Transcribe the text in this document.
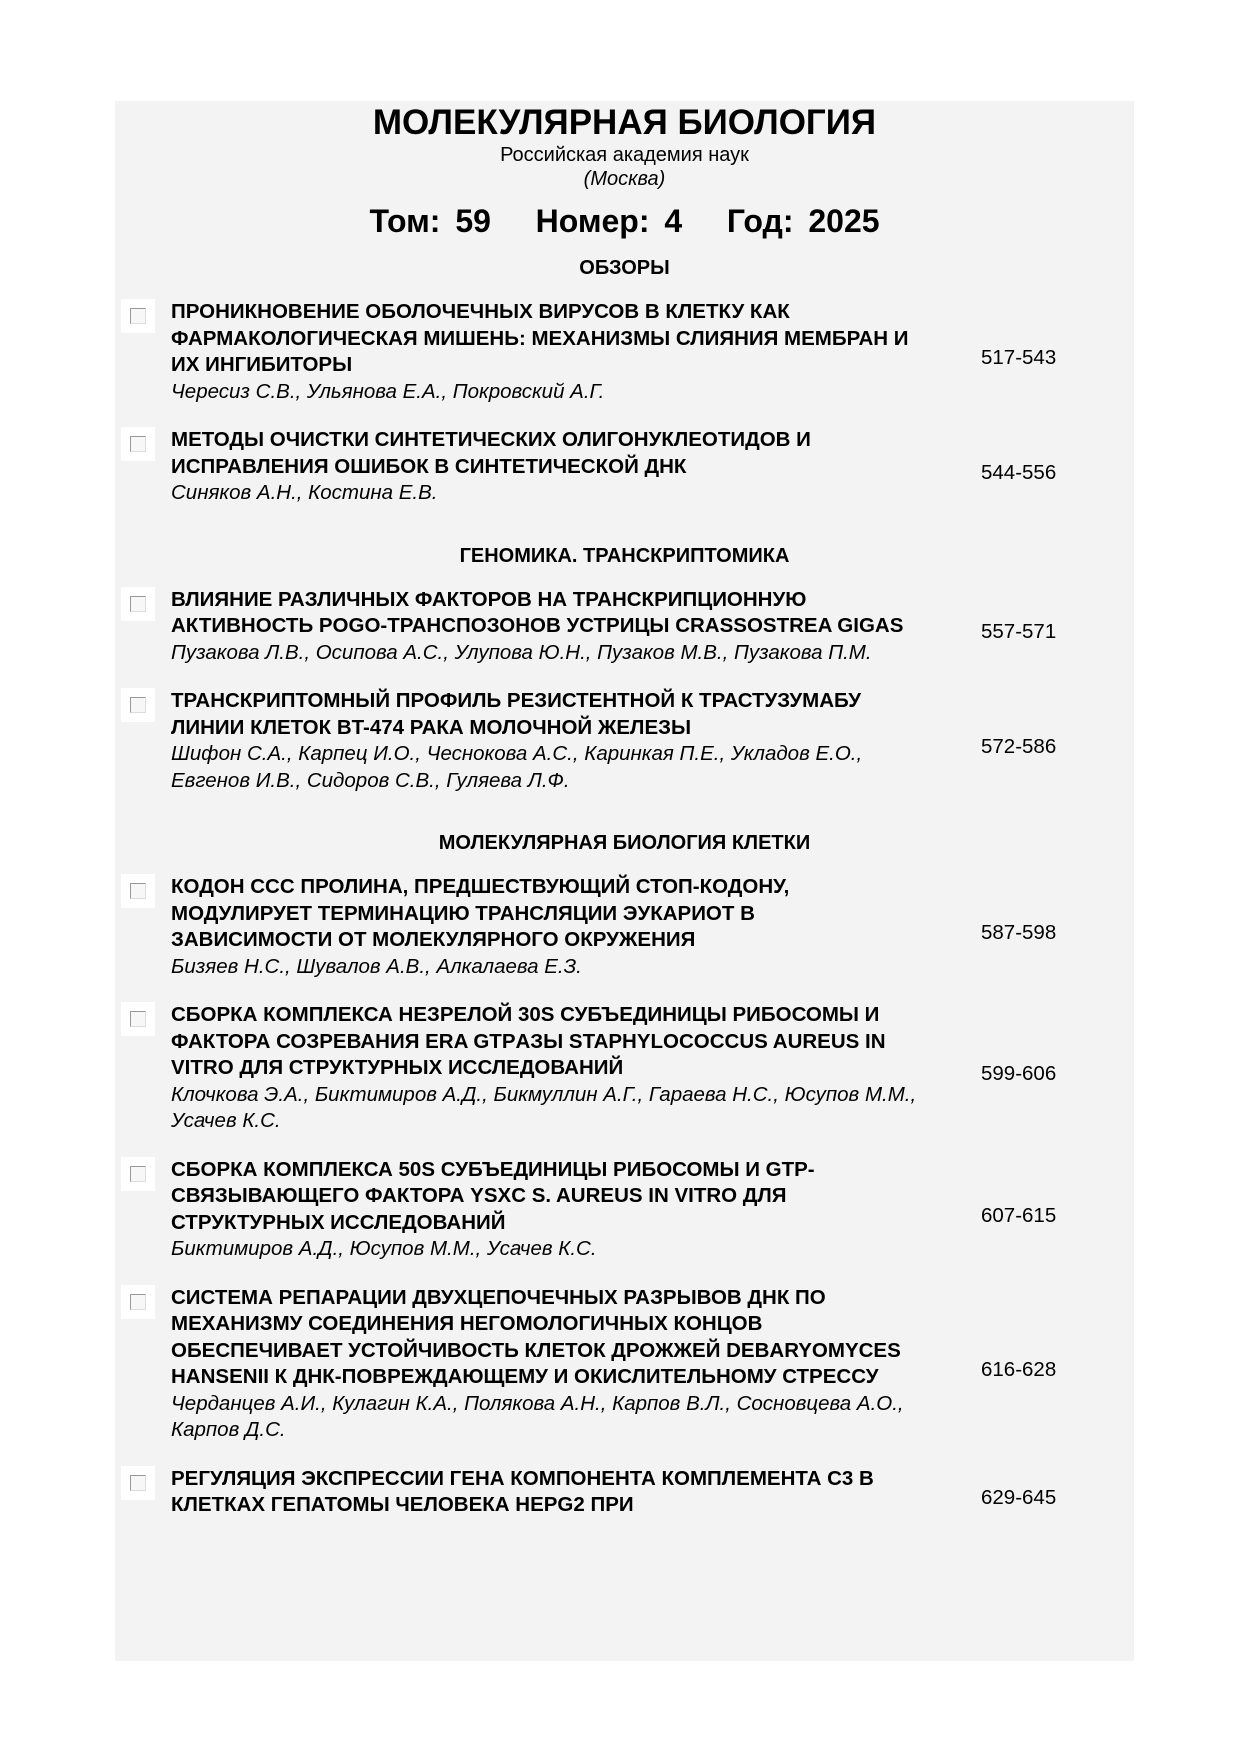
МОЛЕКУЛЯРНАЯ БИОЛОГИЯ
Российская академия наук
(Москва)
Том: 59   Номер: 4   Год: 2025
ОБЗОРЫ
ПРОНИКНОВЕНИЕ ОБОЛОЧЕЧНЫХ ВИРУСОВ В КЛЕТКУ КАК ФАРМАКОЛОГИЧЕСКАЯ МИШЕНЬ: МЕХАНИЗМЫ СЛИЯНИЯ МЕМБРАН И ИХ ИНГИБИТОРЫ
Чересиз С.В., Ульянова Е.А., Покровский А.Г.
517-543
МЕТОДЫ ОЧИСТКИ СИНТЕТИЧЕСКИХ ОЛИГОНУКЛЕОТИДОВ И ИСПРАВЛЕНИЯ ОШИБОК В СИНТЕТИЧЕСКОЙ ДНК
Синяков А.Н., Костина Е.В.
544-556
ГЕНОМИКА. ТРАНСКРИПТОМИКА
ВЛИЯНИЕ РАЗЛИЧНЫХ ФАКТОРОВ НА ТРАНСКРИПЦИОННУЮ АКТИВНОСТЬ POGO-ТРАНСПОЗОНОВ УСТРИЦЫ CRASSOSTREA GIGAS
Пузакова Л.В., Осипова А.С., Улупова Ю.Н., Пузаков М.В., Пузакова П.М.
557-571
ТРАНСКРИПТОМНЫЙ ПРОФИЛЬ РЕЗИСТЕНТНОЙ К ТРАСТУЗУМАБУ ЛИНИИ КЛЕТОК BT-474 РАКА МОЛОЧНОЙ ЖЕЛЕЗЫ
Шифон С.А., Карпец И.О., Чеснокова А.С., Каринкая П.Е., Укладов Е.О., Евгенов И.В., Сидоров С.В., Гуляева Л.Ф.
572-586
МОЛЕКУЛЯРНАЯ БИОЛОГИЯ КЛЕТКИ
КОДОН CCC ПРОЛИНА, ПРЕДШЕСТВУЮЩИЙ СТОП-КОДОНУ, МОДУЛИРУЕТ ТЕРМИНАЦИЮ ТРАНСЛЯЦИИ ЭУКАРИОТ В ЗАВИСИМОСТИ ОТ МОЛЕКУЛЯРНОГО ОКРУЖЕНИЯ
Бизяев Н.С., Шувалов А.В., Алкалаева Е.З.
587-598
СБОРКА КОМПЛЕКСА НЕЗРЕЛОЙ 30S СУБЪЕДИНИЦЫ РИБОСОМЫ И ФАКТОРА СОЗРЕВАНИЯ ERA GTPАЗЫ STAPHYLOCOCCUS AUREUS IN VITRO ДЛЯ СТРУКТУРНЫХ ИССЛЕДОВАНИЙ
Клочкова Э.А., Биктимиров А.Д., Бикмуллин А.Г., Гараева Н.С., Юсупов М.М., Усачев К.С.
599-606
СБОРКА КОМПЛЕКСА 50S СУБЪЕДИНИЦЫ РИБОСОМЫ И GTP-СВЯЗЫВАЮЩЕГО ФАКТОРА YSXC S. AUREUS IN VITRO ДЛЯ СТРУКТУРНЫХ ИССЛЕДОВАНИЙ
Биктимиров А.Д., Юсупов М.М., Усачев К.С.
607-615
СИСТЕМА РЕПАРАЦИИ ДВУХЦЕПОЧЕЧНЫХ РАЗРЫВОВ ДНК ПО МЕХАНИЗМУ СОЕДИНЕНИЯ НЕГОМОЛОГИЧНЫХ КОНЦОВ ОБЕСПЕЧИВАЕТ УСТОЙЧИВОСТЬ КЛЕТОК ДРОЖЖЕЙ DEBARYOMYCES HANSENII К ДНК-ПОВРЕЖДАЮЩЕМУ И ОКИСЛИТЕЛЬНОМУ СТРЕССУ
Черданцев А.И., Кулагин К.А., Полякова А.Н., Карпов В.Л., Сосновцева А.О., Карпов Д.С.
616-628
РЕГУЛЯЦИЯ ЭКСПРЕССИИ ГЕНА КОМПОНЕНТА КОМПЛЕМЕНТА C3 В КЛЕТКАХ ГЕПАТОМЫ ЧЕЛОВЕКА HEPG2 ПРИ	629-645
